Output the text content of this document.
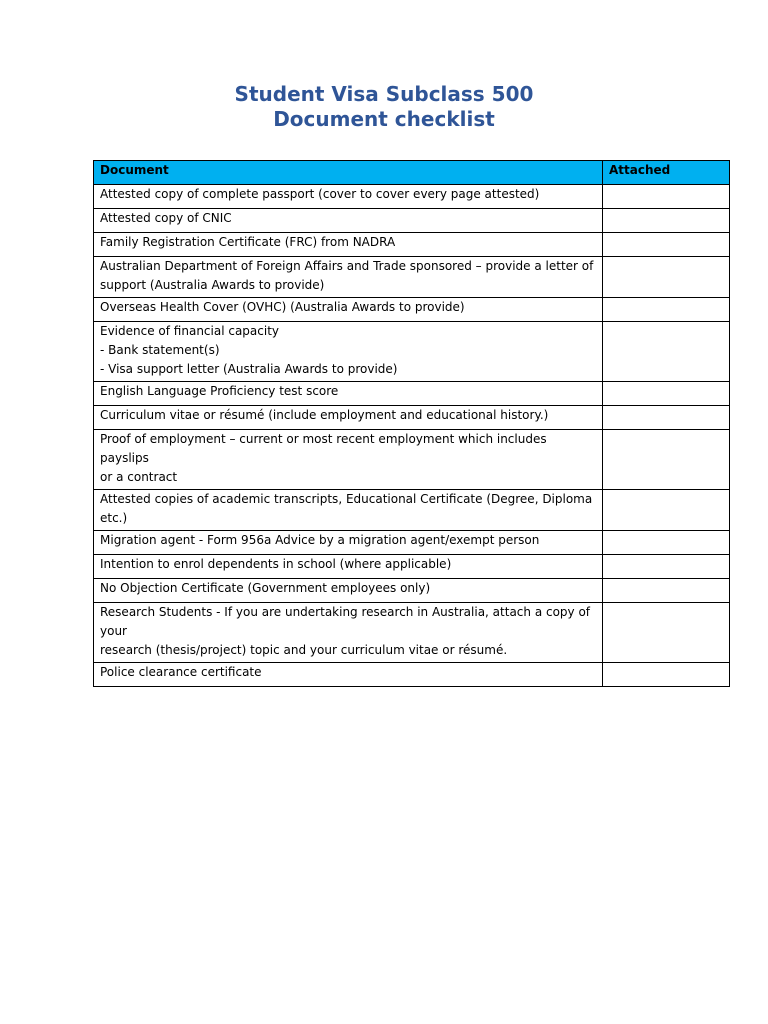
Student Visa Subclass 500
Document checklist
Document	Attached

Attested copy of complete passport (cover to cover every page attested)	

Attested copy of CNIC	

Family Registration Certificate (FRC) from NADRA	

Australian Department of Foreign Affairs and Trade sponsored – provide a letter of
support (Australia Awards to provide)	

Overseas Health Cover (OVHC) (Australia Awards to provide)	

Evidence of financial capacity
- Bank statement(s)
- Visa support letter (Australia Awards to provide)	

English Language Proficiency test score	

Curriculum vitae or résumé (include employment and educational history.)	

Proof of employment – current or most recent employment which includes payslips
or a contract	

Attested copies of academic transcripts, Educational Certificate (Degree, Diploma
etc.)	

Migration agent - Form 956a Advice by a migration agent/exempt person	

Intention to enrol dependents in school (where applicable)	

No Objection Certificate (Government employees only)	

Research Students - If you are undertaking research in Australia, attach a copy of your
research (thesis/project) topic and your curriculum vitae or résumé.	

Police clearance certificate	
